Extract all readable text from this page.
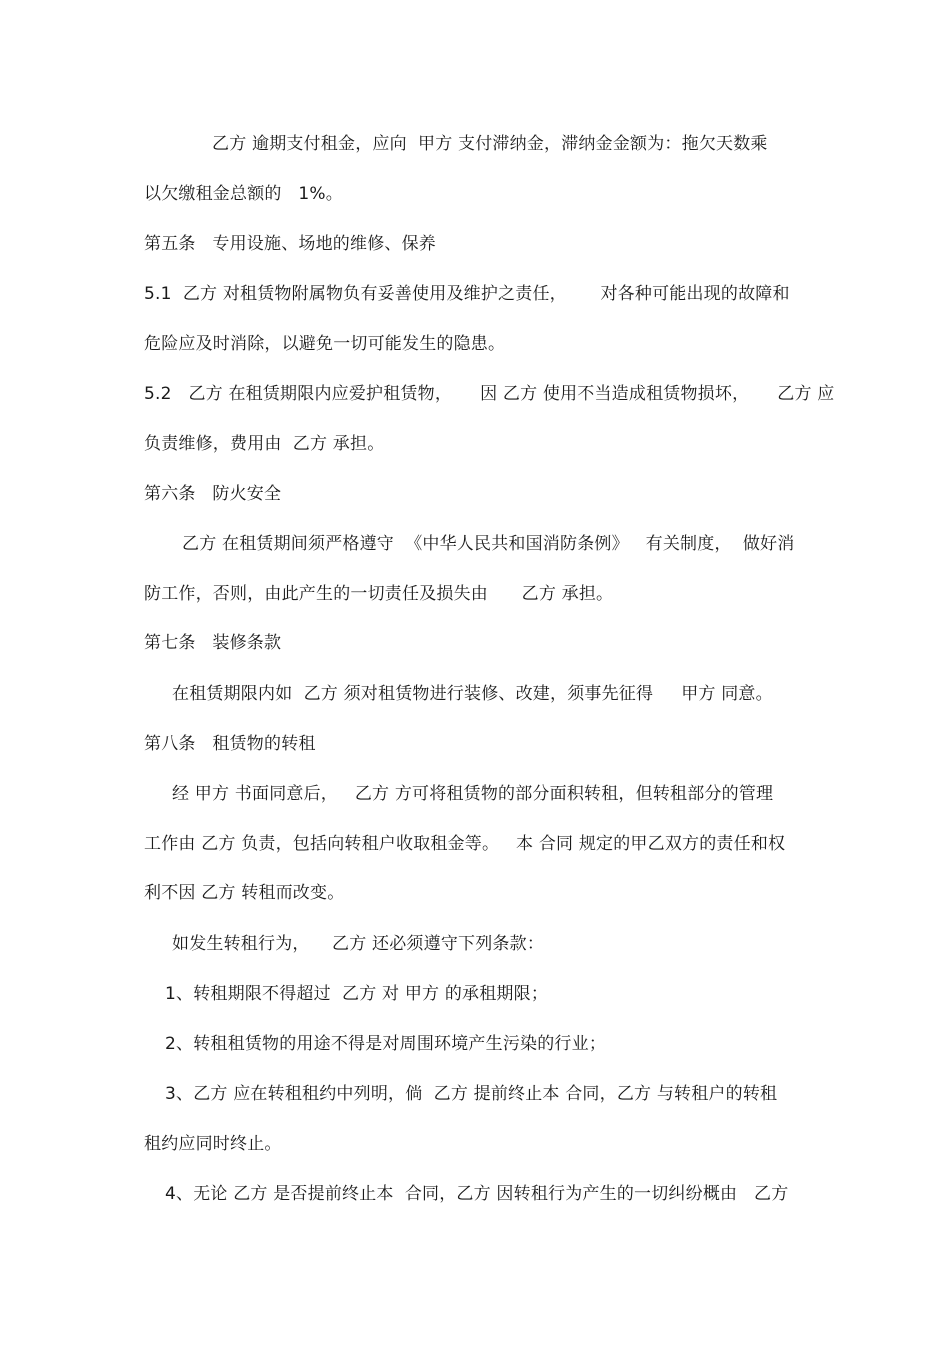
乙方 逾期支付租金，应向  甲方 支付滞纳金，滞纳金金额为：拖欠天数乘
以欠缴租金总额的   1%。
第五条   专用设施、场地的维修、保养
5.1  乙方 对租赁物附属物负有妥善使用及维护之责任，      对各种可能出现的故障和
危险应及时消除，以避免一切可能发生的隐患。
5.2   乙方 在租赁期限内应爱护租赁物，     因 乙方 使用不当造成租赁物损坏，     乙方 应
负责维修，费用由  乙方 承担。
第六条   防火安全
乙方 在租赁期间须严格遵守  《中华人民共和国消防条例》   有关制度，  做好消
防工作，否则，由此产生的一切责任及损失由      乙方 承担。
第七条   装修条款
在租赁期限内如  乙方 须对租赁物进行装修、改建，须事先征得     甲方 同意。
第八条   租赁物的转租
经 甲方 书面同意后，   乙方 方可将租赁物的部分面积转租，但转租部分的管理
工作由 乙方 负责，包括向转租户收取租金等。   本 合同 规定的甲乙双方的责任和权
利不因 乙方 转租而改变。
如发生转租行为，    乙方 还必须遵守下列条款：
1、转租期限不得超过  乙方 对 甲方 的承租期限；
2、转租租赁物的用途不得是对周围环境产生污染的行业；
3、乙方 应在转租租约中列明，倘  乙方 提前终止本 合同，乙方 与转租户的转租
租约应同时终止。
4、无论 乙方 是否提前终止本  合同，乙方 因转租行为产生的一切纠纷概由   乙方
